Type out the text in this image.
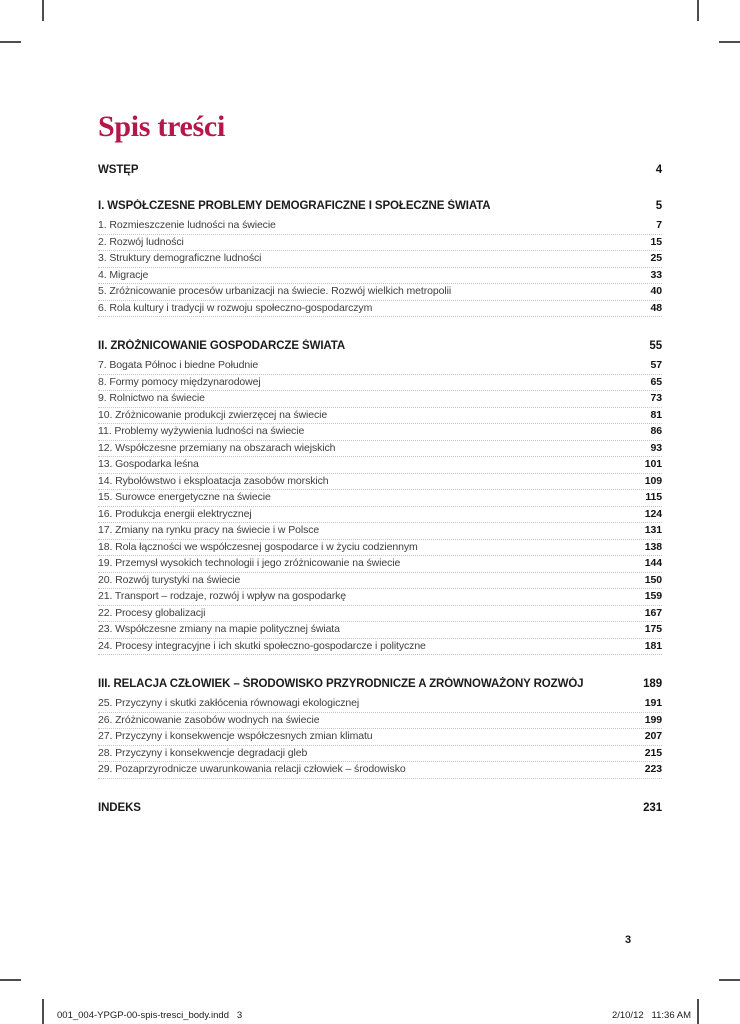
Spis treści
WSTĘP	4
I. WSPÓŁCZESNE PROBLEMY DEMOGRAFICZNE I SPOŁECZNE ŚWIATA	5
1. Rozmieszczenie ludności na świecie	7
2. Rozwój ludności	15
3. Struktury demograficzne ludności	25
4. Migracje	33
5. Zróżnicowanie procesów urbanizacji na świecie. Rozwój wielkich metropolii	40
6. Rola kultury i tradycji w rozwoju społeczno-gospodarczym	48
II. ZRÓŻNICOWANIE GOSPODARCZE ŚWIATA	55
7. Bogata Północ i biedne Południe	57
8. Formy pomocy międzynarodowej	65
9. Rolnictwo na świecie	73
10. Zróżnicowanie produkcji zwierzęcej na świecie	81
11. Problemy wyżywienia ludności na świecie	86
12. Współczesne przemiany na obszarach wiejskich	93
13. Gospodarka leśna	101
14. Rybołówstwo i eksploatacja zasobów morskich	109
15. Surowce energetyczne na świecie	115
16. Produkcja energii elektrycznej	124
17. Zmiany na rynku pracy na świecie i w Polsce	131
18. Rola łączności we współczesnej gospodarce i w życiu codziennym	138
19. Przemysł wysokich technologii i jego zróżnicowanie na świecie	144
20. Rozwój turystyki na świecie	150
21. Transport – rodzaje, rozwój i wpływ na gospodarkę	159
22. Procesy globalizacji	167
23. Współczesne zmiany na mapie politycznej świata	175
24. Procesy integracyjne i ich skutki społeczno-gospodarcze i polityczne	181
III. RELACJA CZŁOWIEK – ŚRODOWISKO PRZYRODNICZE A ZRÓWNOWAŻONY ROZWÓJ	189
25. Przyczyny i skutki zakłócenia równowagi ekologicznej	191
26. Zróżnicowanie zasobów wodnych na świecie	199
27. Przyczyny i konsekwencje współczesnych zmian klimatu	207
28. Przyczyny i konsekwencje degradacji gleb	215
29. Pozaprzyrodnicze uwarunkowania relacji człowiek – środowisko	223
INDEKS	231
3
001_004-YPGP-00-spis-tresci_body.indd   3	2/10/12   11:36 AM
